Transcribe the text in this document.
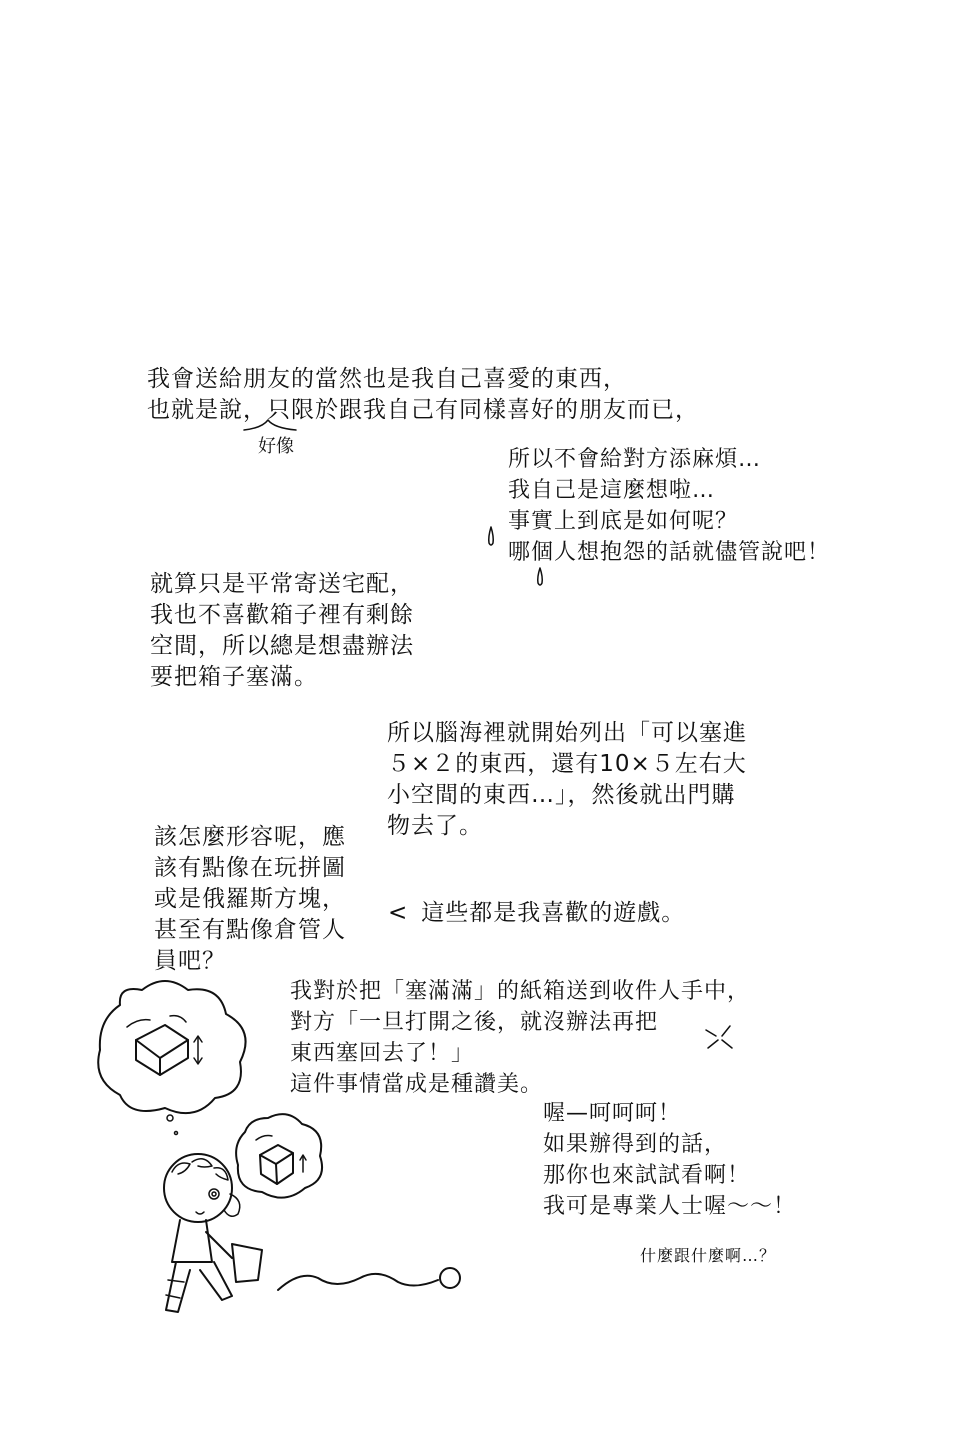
我會送給朋友的當然也是我自己喜愛的東西，
也就是說，只限於跟我自己有同樣喜好的朋友而已，
好像
所以不會給對方添麻煩…
我自己是這麼想啦…
事實上到底是如何呢？
哪個人想抱怨的話就儘管說吧！
就算只是平常寄送宅配，
我也不喜歡箱子裡有剩餘
空間，所以總是想盡辦法
要把箱子塞滿。
所以腦海裡就開始列出「可以塞進
５×２的東西，還有10×５左右大
小空間的東西…」，然後就出門購
物去了。
該怎麼形容呢，應
該有點像在玩拼圖
或是俄羅斯方塊，
甚至有點像倉管人
員吧？
< 這些都是我喜歡的遊戲。
我對於把「塞滿滿」的紙箱送到收件人手中，
對方「一旦打開之後，就沒辦法再把
東西塞回去了！」
這件事情當成是種讚美。
喔—呵呵呵！
如果辦得到的話，
那你也來試試看啊！
我可是專業人士喔～～！
什麼跟什麼啊…？
